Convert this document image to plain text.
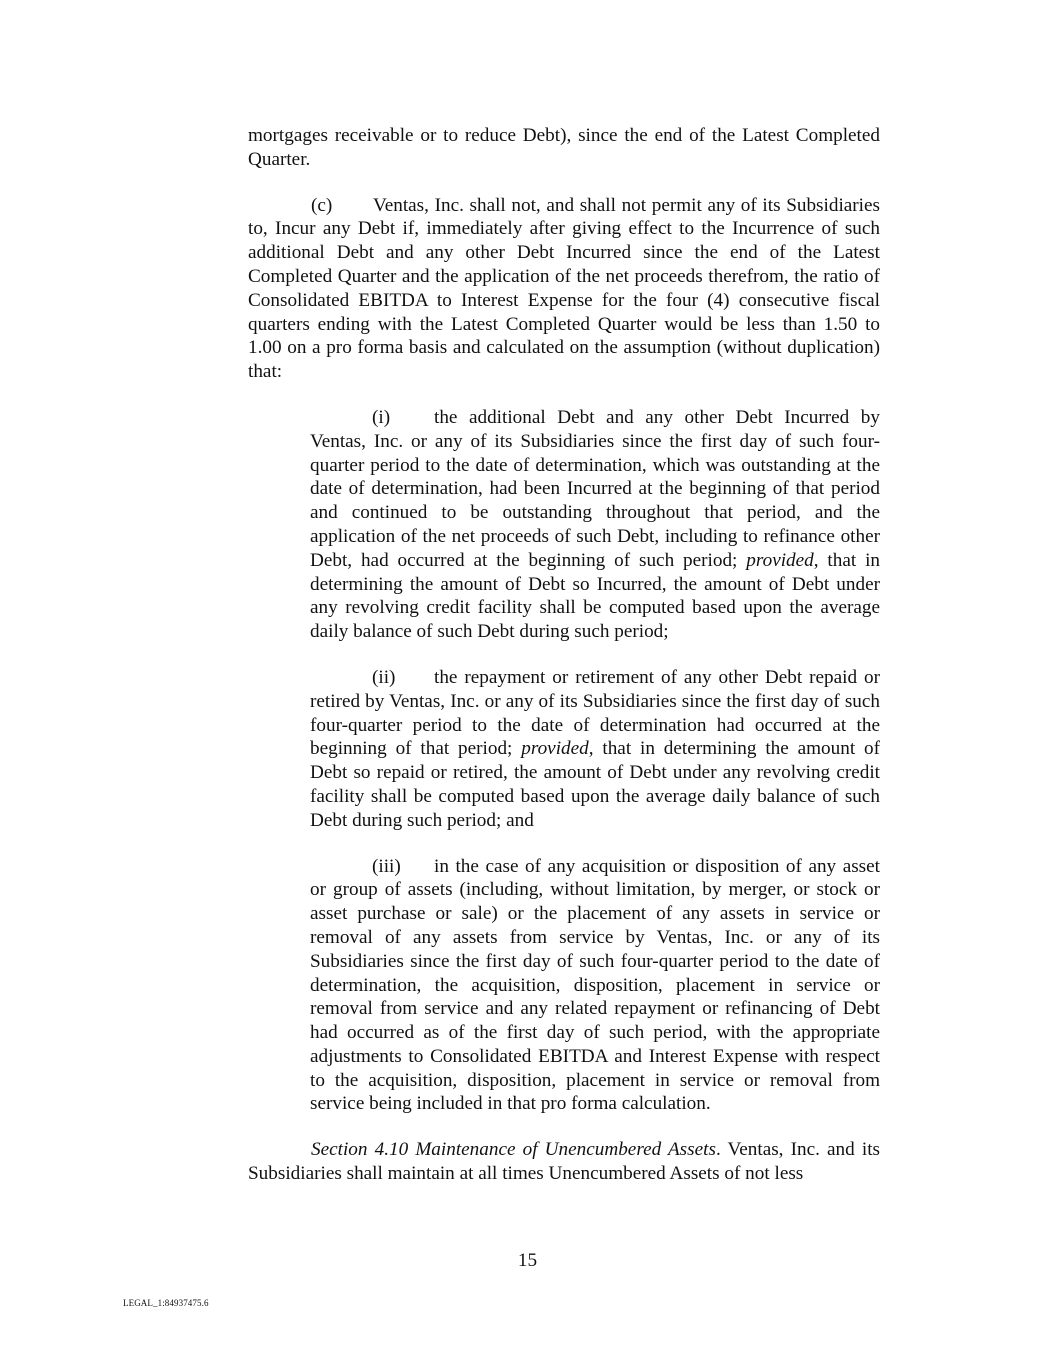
mortgages receivable or to reduce Debt), since the end of the Latest Completed Quarter.

(c) Ventas, Inc. shall not, and shall not permit any of its Subsidiaries to, Incur any Debt if, immediately after giving effect to the Incurrence of such additional Debt and any other Debt Incurred since the end of the Latest Completed Quarter and the application of the net proceeds therefrom, the ratio of Consolidated EBITDA to Interest Expense for the four (4) consecutive fiscal quarters ending with the Latest Completed Quarter would be less than 1.50 to 1.00 on a pro forma basis and calculated on the assumption (without duplication) that:

(i) the additional Debt and any other Debt Incurred by Ventas, Inc. or any of its Subsidiaries since the first day of such four-quarter period to the date of determination, which was outstanding at the date of determination, had been Incurred at the beginning of that period and continued to be outstanding throughout that period, and the application of the net proceeds of such Debt, including to refinance other Debt, had occurred at the beginning of such period; provided, that in determining the amount of Debt so Incurred, the amount of Debt under any revolving credit facility shall be computed based upon the average daily balance of such Debt during such period;

(ii) the repayment or retirement of any other Debt repaid or retired by Ventas, Inc. or any of its Subsidiaries since the first day of such four-quarter period to the date of determination had occurred at the beginning of that period; provided, that in determining the amount of Debt so repaid or retired, the amount of Debt under any revolving credit facility shall be computed based upon the average daily balance of such Debt during such period; and

(iii) in the case of any acquisition or disposition of any asset or group of assets (including, without limitation, by merger, or stock or asset purchase or sale) or the placement of any assets in service or removal of any assets from service by Ventas, Inc. or any of its Subsidiaries since the first day of such four-quarter period to the date of determination, the acquisition, disposition, placement in service or removal from service and any related repayment or refinancing of Debt had occurred as of the first day of such period, with the appropriate adjustments to Consolidated EBITDA and Interest Expense with respect to the acquisition, disposition, placement in service or removal from service being included in that pro forma calculation.

Section 4.10 Maintenance of Unencumbered Assets. Ventas, Inc. and its Subsidiaries shall maintain at all times Unencumbered Assets of not less

15
LEGAL_1:84937475.6
